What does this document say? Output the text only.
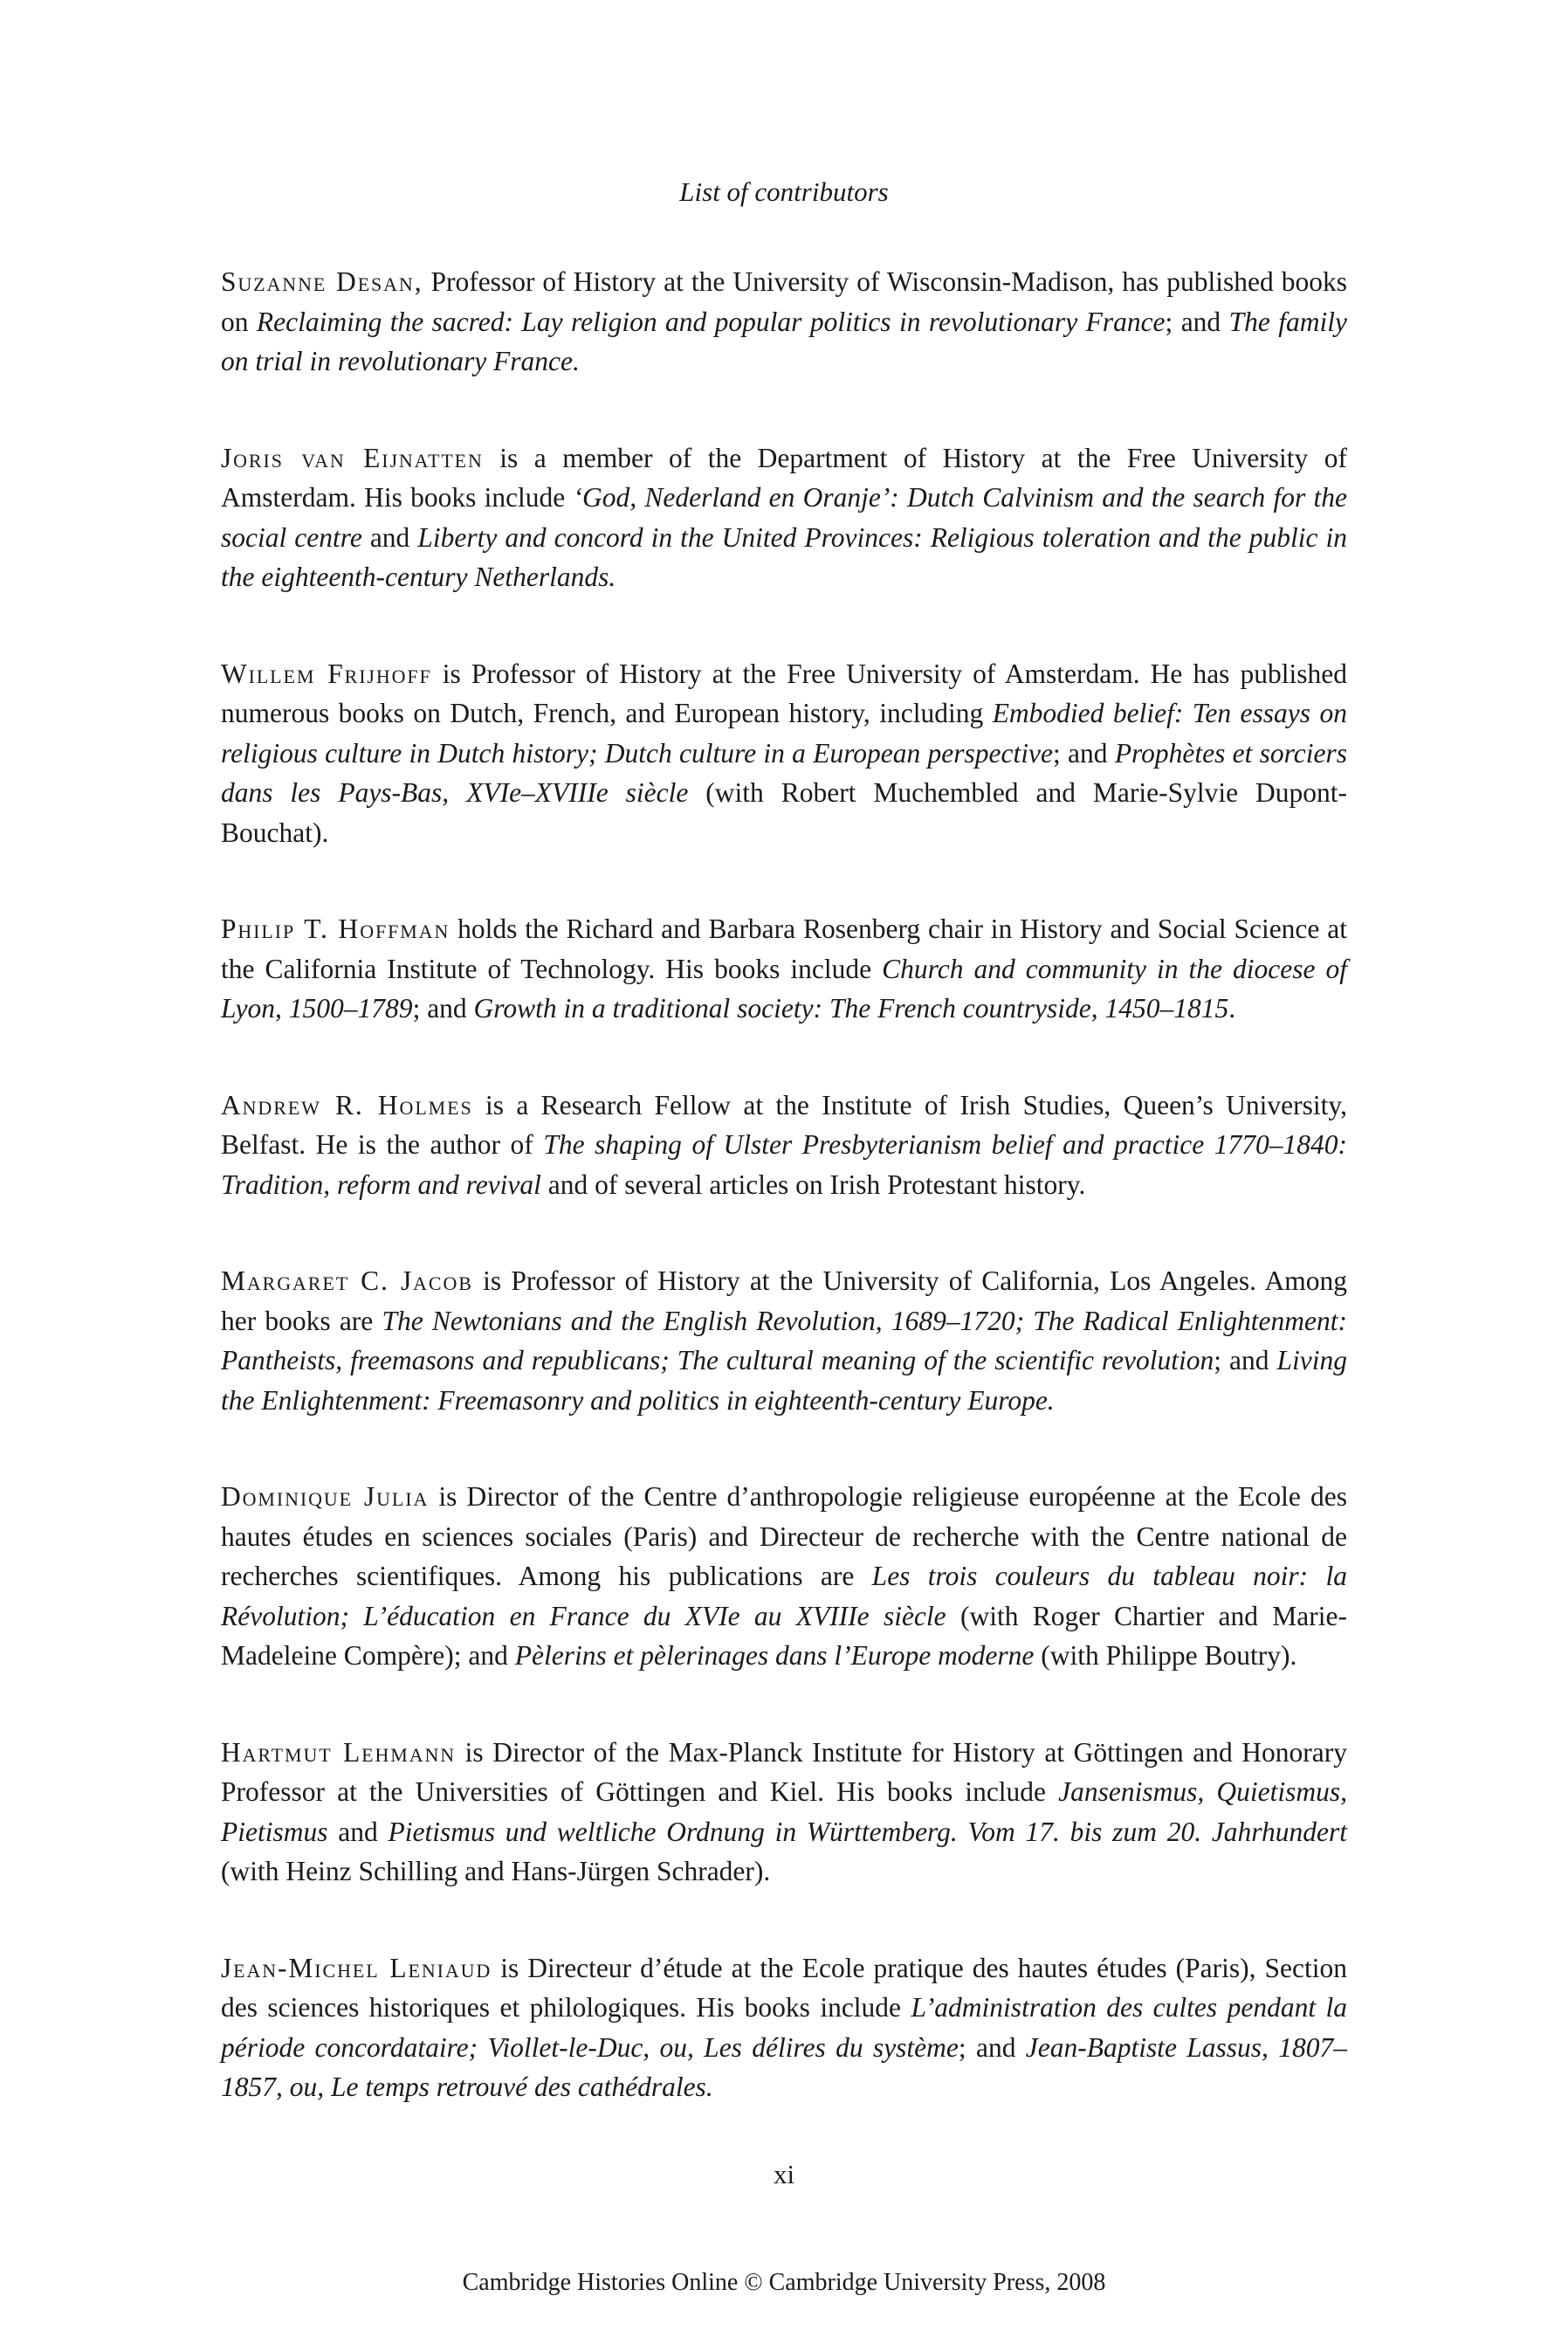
List of contributors

Suzanne Desan, Professor of History at the University of Wisconsin-Madison, has published books on Reclaiming the sacred: Lay religion and popular politics in revolutionary France; and The family on trial in revolutionary France.

Joris van Eijnatten is a member of the Department of History at the Free University of Amsterdam. His books include ‘God, Nederland en Oranje’: Dutch Calvinism and the search for the social centre and Liberty and concord in the United Provinces: Religious toleration and the public in the eighteenth-century Netherlands.

Willem Frijhoff is Professor of History at the Free University of Amsterdam. He has published numerous books on Dutch, French, and European history, including Embodied belief: Ten essays on religious culture in Dutch history; Dutch culture in a European perspective; and Prophètes et sorciers dans les Pays-Bas, XVIe–XVIIIe siècle (with Robert Muchembled and Marie-Sylvie Dupont-Bouchat).

Philip T. Hoffman holds the Richard and Barbara Rosenberg chair in History and Social Science at the California Institute of Technology. His books include Church and community in the diocese of Lyon, 1500–1789; and Growth in a traditional society: The French countryside, 1450–1815.

Andrew R. Holmes is a Research Fellow at the Institute of Irish Studies, Queen’s University, Belfast. He is the author of The shaping of Ulster Presbyterianism belief and practice 1770–1840: Tradition, reform and revival and of several articles on Irish Protestant history.

Margaret C. Jacob is Professor of History at the University of California, Los Angeles. Among her books are The Newtonians and the English Revolution, 1689–1720; The Radical Enlightenment: Pantheists, freemasons and republicans; The cultural meaning of the scientific revolution; and Living the Enlightenment: Freemasonry and politics in eighteenth-century Europe.

Dominique Julia is Director of the Centre d’anthropologie religieuse européenne at the Ecole des hautes études en sciences sociales (Paris) and Directeur de recherche with the Centre national de recherches scientifiques. Among his publications are Les trois couleurs du tableau noir: la Révolution; L’éducation en France du XVIe au XVIIIe siècle (with Roger Chartier and Marie-Madeleine Compère); and Pèlerins et pèlerinages dans l’Europe moderne (with Philippe Boutry).

Hartmut Lehmann is Director of the Max-Planck Institute for History at Göttingen and Honorary Professor at the Universities of Göttingen and Kiel. His books include Jansenismus, Quietismus, Pietismus and Pietismus und weltliche Ordnung in Württemberg. Vom 17. bis zum 20. Jahrhundert (with Heinz Schilling and Hans-Jürgen Schrader).

Jean-Michel Leniaud is Directeur d’étude at the Ecole pratique des hautes études (Paris), Section des sciences historiques et philologiques. His books include L’administration des cultes pendant la période concordataire; Viollet-le-Duc, ou, Les délires du système; and Jean-Baptiste Lassus, 1807–1857, ou, Le temps retrouvé des cathédrales.

xi
Cambridge Histories Online © Cambridge University Press, 2008
